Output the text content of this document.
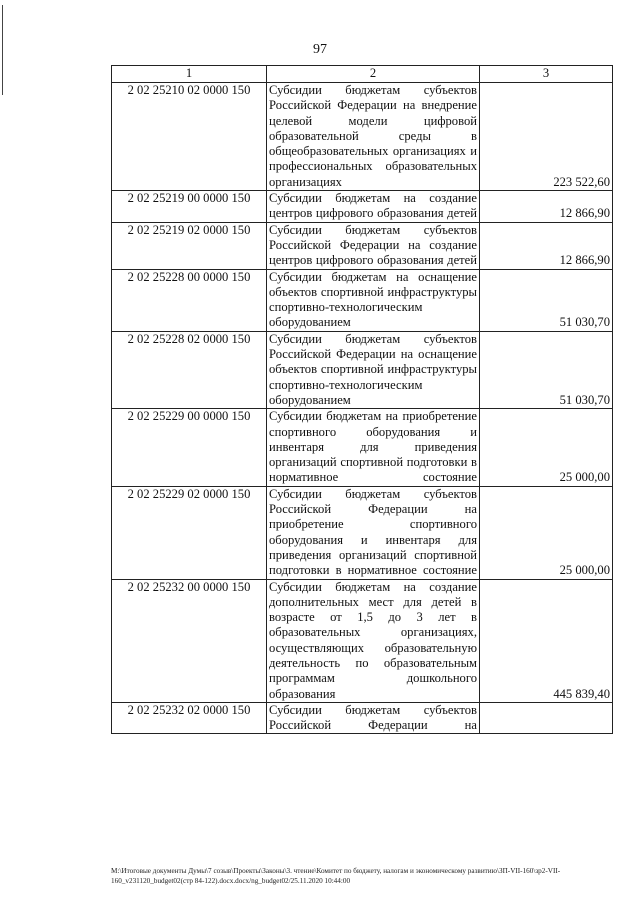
97
1	2	3
2 02 25210 02 0000 150	Субсидии бюджетам субъектов Российской Федерации на внедрение целевой модели цифровой образовательной среды в общеобразовательных организациях и профессиональных образовательных организациях	223 522,60
2 02 25219 00 0000 150	Субсидии бюджетам на создание центров цифрового образования детей	12 866,90
2 02 25219 02 0000 150	Субсидии бюджетам субъектов Российской Федерации на создание центров цифрового образования детей	12 866,90
2 02 25228 00 0000 150	Субсидии бюджетам на оснащение объектов спортивной инфраструктуры спортивно-технологическим оборудованием	51 030,70
2 02 25228 02 0000 150	Субсидии бюджетам субъектов Российской Федерации на оснащение объектов спортивной инфраструктуры спортивно-технологическим оборудованием	51 030,70
2 02 25229 00 0000 150	Субсидии бюджетам на приобретение спортивного оборудования и инвентаря для приведения организаций спортивной подготовки в нормативное состояние	25 000,00
2 02 25229 02 0000 150	Субсидии бюджетам субъектов Российской Федерации на приобретение спортивного оборудования и инвентаря для приведения организаций спортивной подготовки в нормативное состояние	25 000,00
2 02 25232 00 0000 150	Субсидии бюджетам на создание дополнительных мест для детей в возрасте от 1,5 до 3 лет в образовательных организациях, осуществляющих образовательную деятельность по образовательным программам дошкольного образования	445 839,40
2 02 25232 02 0000 150	Субсидии бюджетам субъектов Российской Федерации на	
M:\Итоговые документы Думы\7 созыв\Проекты\Законы\3. чтение\Комитет по бюджету, налогам и экономическому развитию\ЗП-VII-160\зр2-VII-160_v231120_budget02(стр 84-122).docx.docx/ng_budget02/25.11.2020 10:44:00
